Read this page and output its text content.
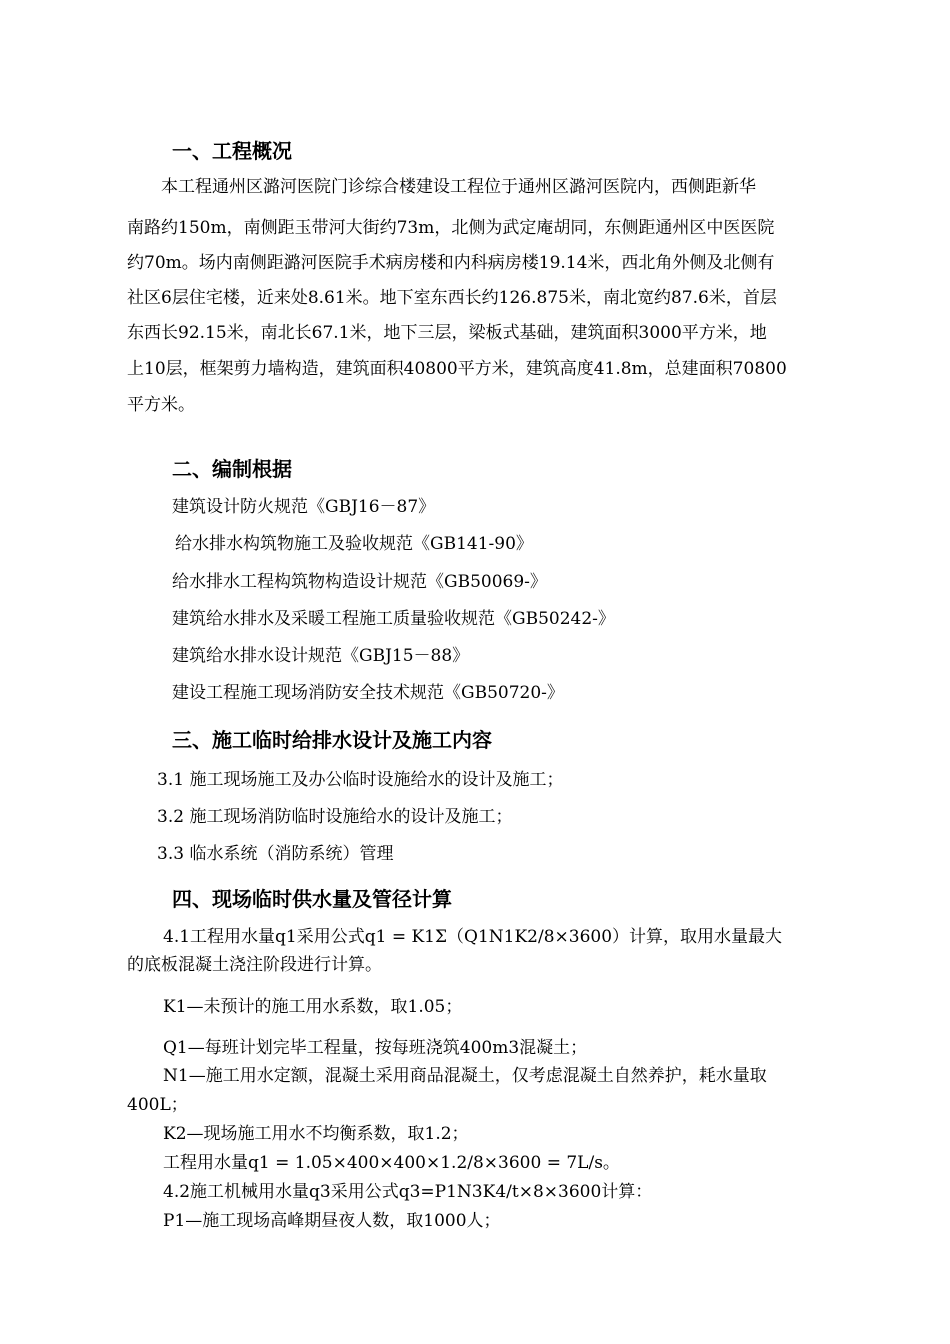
一、工程概况
本工程通州区潞河医院门诊综合楼建设工程位于通州区潞河医院内，西侧距新华
南路约150m，南侧距玉带河大街约73m，北侧为武定庵胡同，东侧距通州区中医医院
约70m。场内南侧距潞河医院手术病房楼和内科病房楼19.14米，西北角外侧及北侧有
社区6层住宅楼，近来处8.61米。地下室东西长约126.875米，南北宽约87.6米，首层
东西长92.15米，南北长67.1米，地下三层，梁板式基础，建筑面积3000平方米，地
上10层，框架剪力墙构造，建筑面积40800平方米，建筑高度41.8m，总建面积70800
平方米。
二、编制根据
建筑设计防火规范《GBJ16－87》
给水排水构筑物施工及验收规范《GB141-90》
给水排水工程构筑物构造设计规范《GB50069-》
建筑给水排水及采暖工程施工质量验收规范《GB50242-》
建筑给水排水设计规范《GBJ15－88》
建设工程施工现场消防安全技术规范《GB50720-》
三、施工临时给排水设计及施工内容
3.1 施工现场施工及办公临时设施给水的设计及施工；
3.2 施工现场消防临时设施给水的设计及施工；
3.3 临水系统（消防系统）管理
四、现场临时供水量及管径计算
4.1工程用水量q1采用公式q1 = K1Σ（Q1N1K2/8×3600）计算，取用水量最大
的底板混凝土浇注阶段进行计算。
K1—未预计的施工用水系数，取1.05；
Q1—每班计划完毕工程量，按每班浇筑400m3混凝土；
N1—施工用水定额，混凝土采用商品混凝土，仅考虑混凝土自然养护，耗水量取
400L；
K2—现场施工用水不均衡系数，取1.2；
工程用水量q1 = 1.05×400×400×1.2/8×3600 = 7L/s。
4.2施工机械用水量q3采用公式q3=P1N3K4/t×8×3600计算：
P1—施工现场高峰期昼夜人数，取1000人；
